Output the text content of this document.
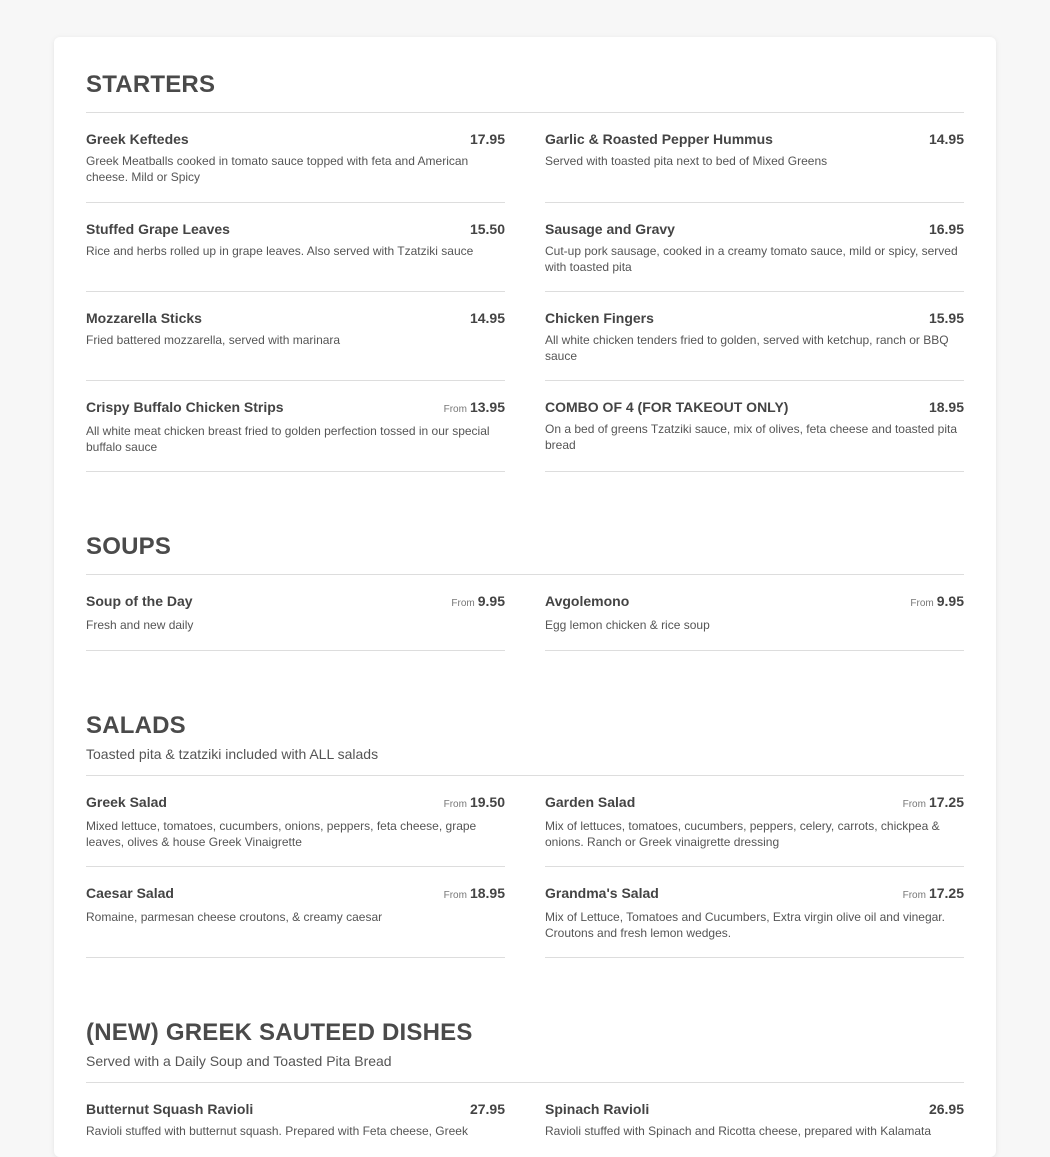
STARTERS
Greek Keftedes	17.95
Greek Meatballs cooked in tomato sauce topped with feta and American cheese. Mild or Spicy
Garlic & Roasted Pepper Hummus	14.95
Served with toasted pita next to bed of Mixed Greens
Stuffed Grape Leaves	15.50
Rice and herbs rolled up in grape leaves. Also served with Tzatziki sauce
Sausage and Gravy	16.95
Cut-up pork sausage, cooked in a creamy tomato sauce, mild or spicy, served with toasted pita
Mozzarella Sticks	14.95
Fried battered mozzarella, served with marinara
Chicken Fingers	15.95
All white chicken tenders fried to golden, served with ketchup, ranch or BBQ sauce
Crispy Buffalo Chicken Strips	From 13.95
All white meat chicken breast fried to golden perfection tossed in our special buffalo sauce
COMBO OF 4 (FOR TAKEOUT ONLY)	18.95
On a bed of greens Tzatziki sauce, mix of olives, feta cheese and toasted pita bread
SOUPS
Soup of the Day	From 9.95
Fresh and new daily
Avgolemono	From 9.95
Egg lemon chicken & rice soup
SALADS
Toasted pita & tzatziki included with ALL salads
Greek Salad	From 19.50
Mixed lettuce, tomatoes, cucumbers, onions, peppers, feta cheese, grape leaves, olives & house Greek Vinaigrette
Garden Salad	From 17.25
Mix of lettuces, tomatoes, cucumbers, peppers, celery, carrots, chickpea & onions. Ranch or Greek vinaigrette dressing
Caesar Salad	From 18.95
Romaine, parmesan cheese croutons, & creamy caesar
Grandma's Salad	From 17.25
Mix of Lettuce, Tomatoes and Cucumbers, Extra virgin olive oil and vinegar. Croutons and fresh lemon wedges.
(NEW) GREEK SAUTEED DISHES
Served with a Daily Soup and Toasted Pita Bread
Butternut Squash Ravioli	27.95
Ravioli stuffed with butternut squash. Prepared with Feta cheese, Greek
Spinach Ravioli	26.95
Ravioli stuffed with Spinach and Ricotta cheese, prepared with Kalamata
